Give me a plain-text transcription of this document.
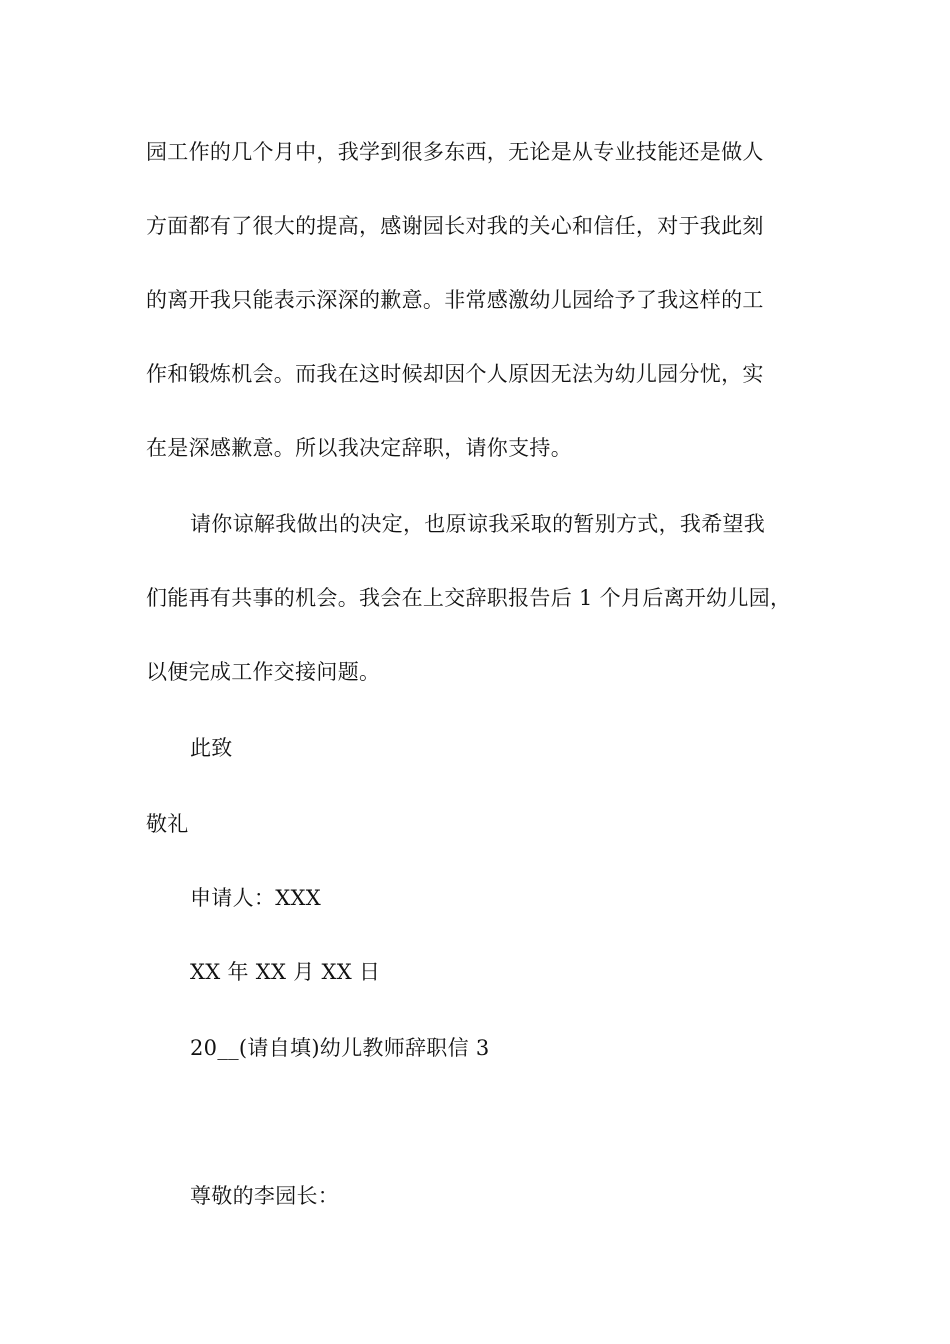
园工作的几个月中，我学到很多东西，无论是从专业技能还是做人
方面都有了很大的提高，感谢园长对我的关心和信任，对于我此刻
的离开我只能表示深深的歉意。非常感激幼儿园给予了我这样的工
作和锻炼机会。而我在这时候却因个人原因无法为幼儿园分忧，实
在是深感歉意。所以我决定辞职，请你支持。
请你谅解我做出的决定，也原谅我采取的暂别方式，我希望我
们能再有共事的机会。我会在上交辞职报告后 1 个月后离开幼儿园，
以便完成工作交接问题。
此致
敬礼
申请人：XXX
XX 年 XX 月 XX 日
20__(请自填)幼儿教师辞职信 3
尊敬的李园长：
